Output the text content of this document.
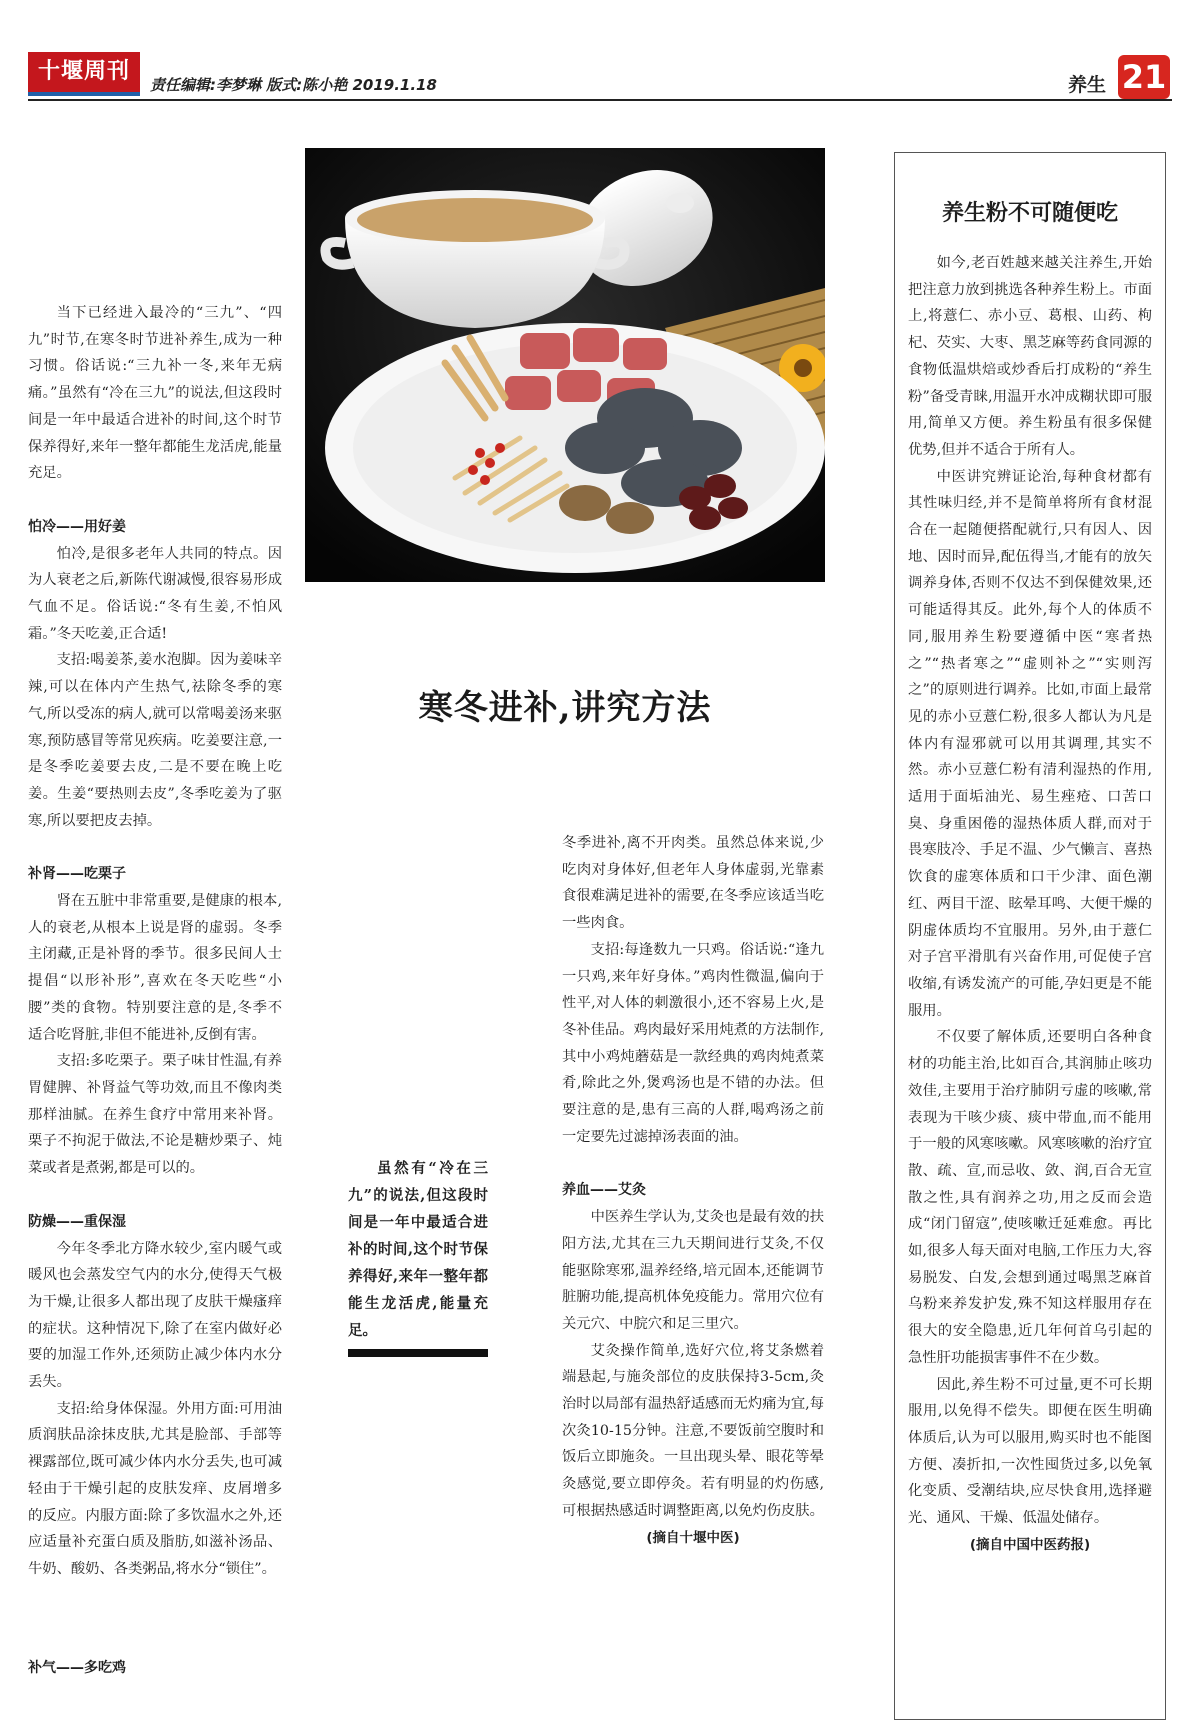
十堰周刊
责任编辑:李梦琳 版式:陈小艳 2019.1.18	养生 21

当下已经进入最冷的“三九”、“四九”时节,在寒冬时节进补养生,成为一种习惯。俗话说:“三九补一冬,来年无病痛。”虽然有“冷在三九”的说法,但这段时间是一年中最适合进补的时间,这个时节保养得好,来年一整年都能生龙活虎,能量充足。

怕冷——用好姜

怕冷,是很多老年人共同的特点。因为人衰老之后,新陈代谢减慢,很容易形成气血不足。俗话说:“冬有生姜,不怕风霜。”冬天吃姜,正合适!

支招:喝姜茶,姜水泡脚。因为姜味辛辣,可以在体内产生热气,祛除冬季的寒气,所以受冻的病人,就可以常喝姜汤来驱寒,预防感冒等常见疾病。吃姜要注意,一是冬季吃姜要去皮,二是不要在晚上吃姜。生姜“要热则去皮”,冬季吃姜为了驱寒,所以要把皮去掉。

补肾——吃栗子

肾在五脏中非常重要,是健康的根本,人的衰老,从根本上说是肾的虚弱。冬季主闭藏,正是补肾的季节。很多民间人士提倡“以形补形”,喜欢在冬天吃些“小腰”类的食物。特别要注意的是,冬季不适合吃肾脏,非但不能进补,反倒有害。

支招:多吃栗子。栗子味甘性温,有养胃健脾、补肾益气等功效,而且不像肉类那样油腻。在养生食疗中常用来补肾。栗子不拘泥于做法,不论是糖炒栗子、炖菜或者是煮粥,都是可以的。

防燥——重保湿

今年冬季北方降水较少,室内暖气或暖风也会蒸发空气内的水分,使得天气极为干燥,让很多人都出现了皮肤干燥瘙痒的症状。这种情况下,除了在室内做好必要的加湿工作外,还须防止减少体内水分丢失。

支招:给身体保湿。外用方面:可用油质润肤品涂抹皮肤,尤其是脸部、手部等裸露部位,既可减少体内水分丢失,也可减轻由于干燥引起的皮肤发痒、皮屑增多的反应。内服方面:除了多饮温水之外,还应适量补充蛋白质及脂肪,如滋补汤品、牛奶、酸奶、各类粥品,将水分“锁住”。

寒冬进补,讲究方法
虽然有“冷在三九”的说法,但这段时间是一年中最适合进补的时间,这个时节保养得好,来年一整年都能生龙活虎,能量充足。

冬季进补,离不开肉类。虽然总体来说,少吃肉对身体好,但老年人身体虚弱,光靠素食很难满足进补的需要,在冬季应该适当吃一些肉食。

支招:每逢数九一只鸡。俗话说:“逢九一只鸡,来年好身体。”鸡肉性微温,偏向于性平,对人体的刺激很小,还不容易上火,是冬补佳品。鸡肉最好采用炖煮的方法制作,其中小鸡炖蘑菇是一款经典的鸡肉炖煮菜肴,除此之外,煲鸡汤也是不错的办法。但要注意的是,患有三高的人群,喝鸡汤之前一定要先过滤掉汤表面的油。

养血——艾灸

中医养生学认为,艾灸也是最有效的扶阳方法,尤其在三九天期间进行艾灸,不仅能驱除寒邪,温养经络,培元固本,还能调节脏腑功能,提高机体免疫能力。常用穴位有关元穴、中脘穴和足三里穴。

艾灸操作简单,选好穴位,将艾条燃着端悬起,与施灸部位的皮肤保持3-5cm,灸治时以局部有温热舒适感而无灼痛为宜,每次灸10-15分钟。注意,不要饭前空腹时和饭后立即施灸。一旦出现头晕、眼花等晕灸感觉,要立即停灸。若有明显的灼伤感,可根据热感适时调整距离,以免灼伤皮肤。

(摘自十堰中医)

养生粉不可随便吃

如今,老百姓越来越关注养生,开始把注意力放到挑选各种养生粉上。市面上,将薏仁、赤小豆、葛根、山药、枸杞、芡实、大枣、黑芝麻等药食同源的食物低温烘焙或炒香后打成粉的“养生粉”备受青睐,用温开水冲成糊状即可服用,简单又方便。养生粉虽有很多保健优势,但并不适合于所有人。

中医讲究辨证论治,每种食材都有其性味归经,并不是简单将所有食材混合在一起随便搭配就行,只有因人、因地、因时而异,配伍得当,才能有的放矢调养身体,否则不仅达不到保健效果,还可能适得其反。此外,每个人的体质不同,服用养生粉要遵循中医“寒者热之”“热者寒之”“虚则补之”“实则泻之”的原则进行调养。比如,市面上最常见的赤小豆薏仁粉,很多人都认为凡是体内有湿邪就可以用其调理,其实不然。赤小豆薏仁粉有清利湿热的作用,适用于面垢油光、易生痤疮、口苦口臭、身重困倦的湿热体质人群,而对于畏寒肢冷、手足不温、少气懒言、喜热饮食的虚寒体质和口干少津、面色潮红、两目干涩、眩晕耳鸣、大便干燥的阴虚体质均不宜服用。另外,由于薏仁对子宫平滑肌有兴奋作用,可促使子宫收缩,有诱发流产的可能,孕妇更是不能服用。

不仅要了解体质,还要明白各种食材的功能主治,比如百合,其润肺止咳功效佳,主要用于治疗肺阴亏虚的咳嗽,常表现为干咳少痰、痰中带血,而不能用于一般的风寒咳嗽。风寒咳嗽的治疗宜散、疏、宣,而忌收、敛、润,百合无宣散之性,具有润养之功,用之反而会造成“闭门留寇”,使咳嗽迁延难愈。再比如,很多人每天面对电脑,工作压力大,容易脱发、白发,会想到通过喝黑芝麻首乌粉来养发护发,殊不知这样服用存在很大的安全隐患,近几年何首乌引起的急性肝功能损害事件不在少数。

因此,养生粉不可过量,更不可长期服用,以免得不偿失。即便在医生明确体质后,认为可以服用,购买时也不能图方便、凑折扣,一次性囤货过多,以免氧化变质、受潮结块,应尽快食用,选择避光、通风、干燥、低温处储存。

(摘自中国中医药报)

补气——多吃鸡
